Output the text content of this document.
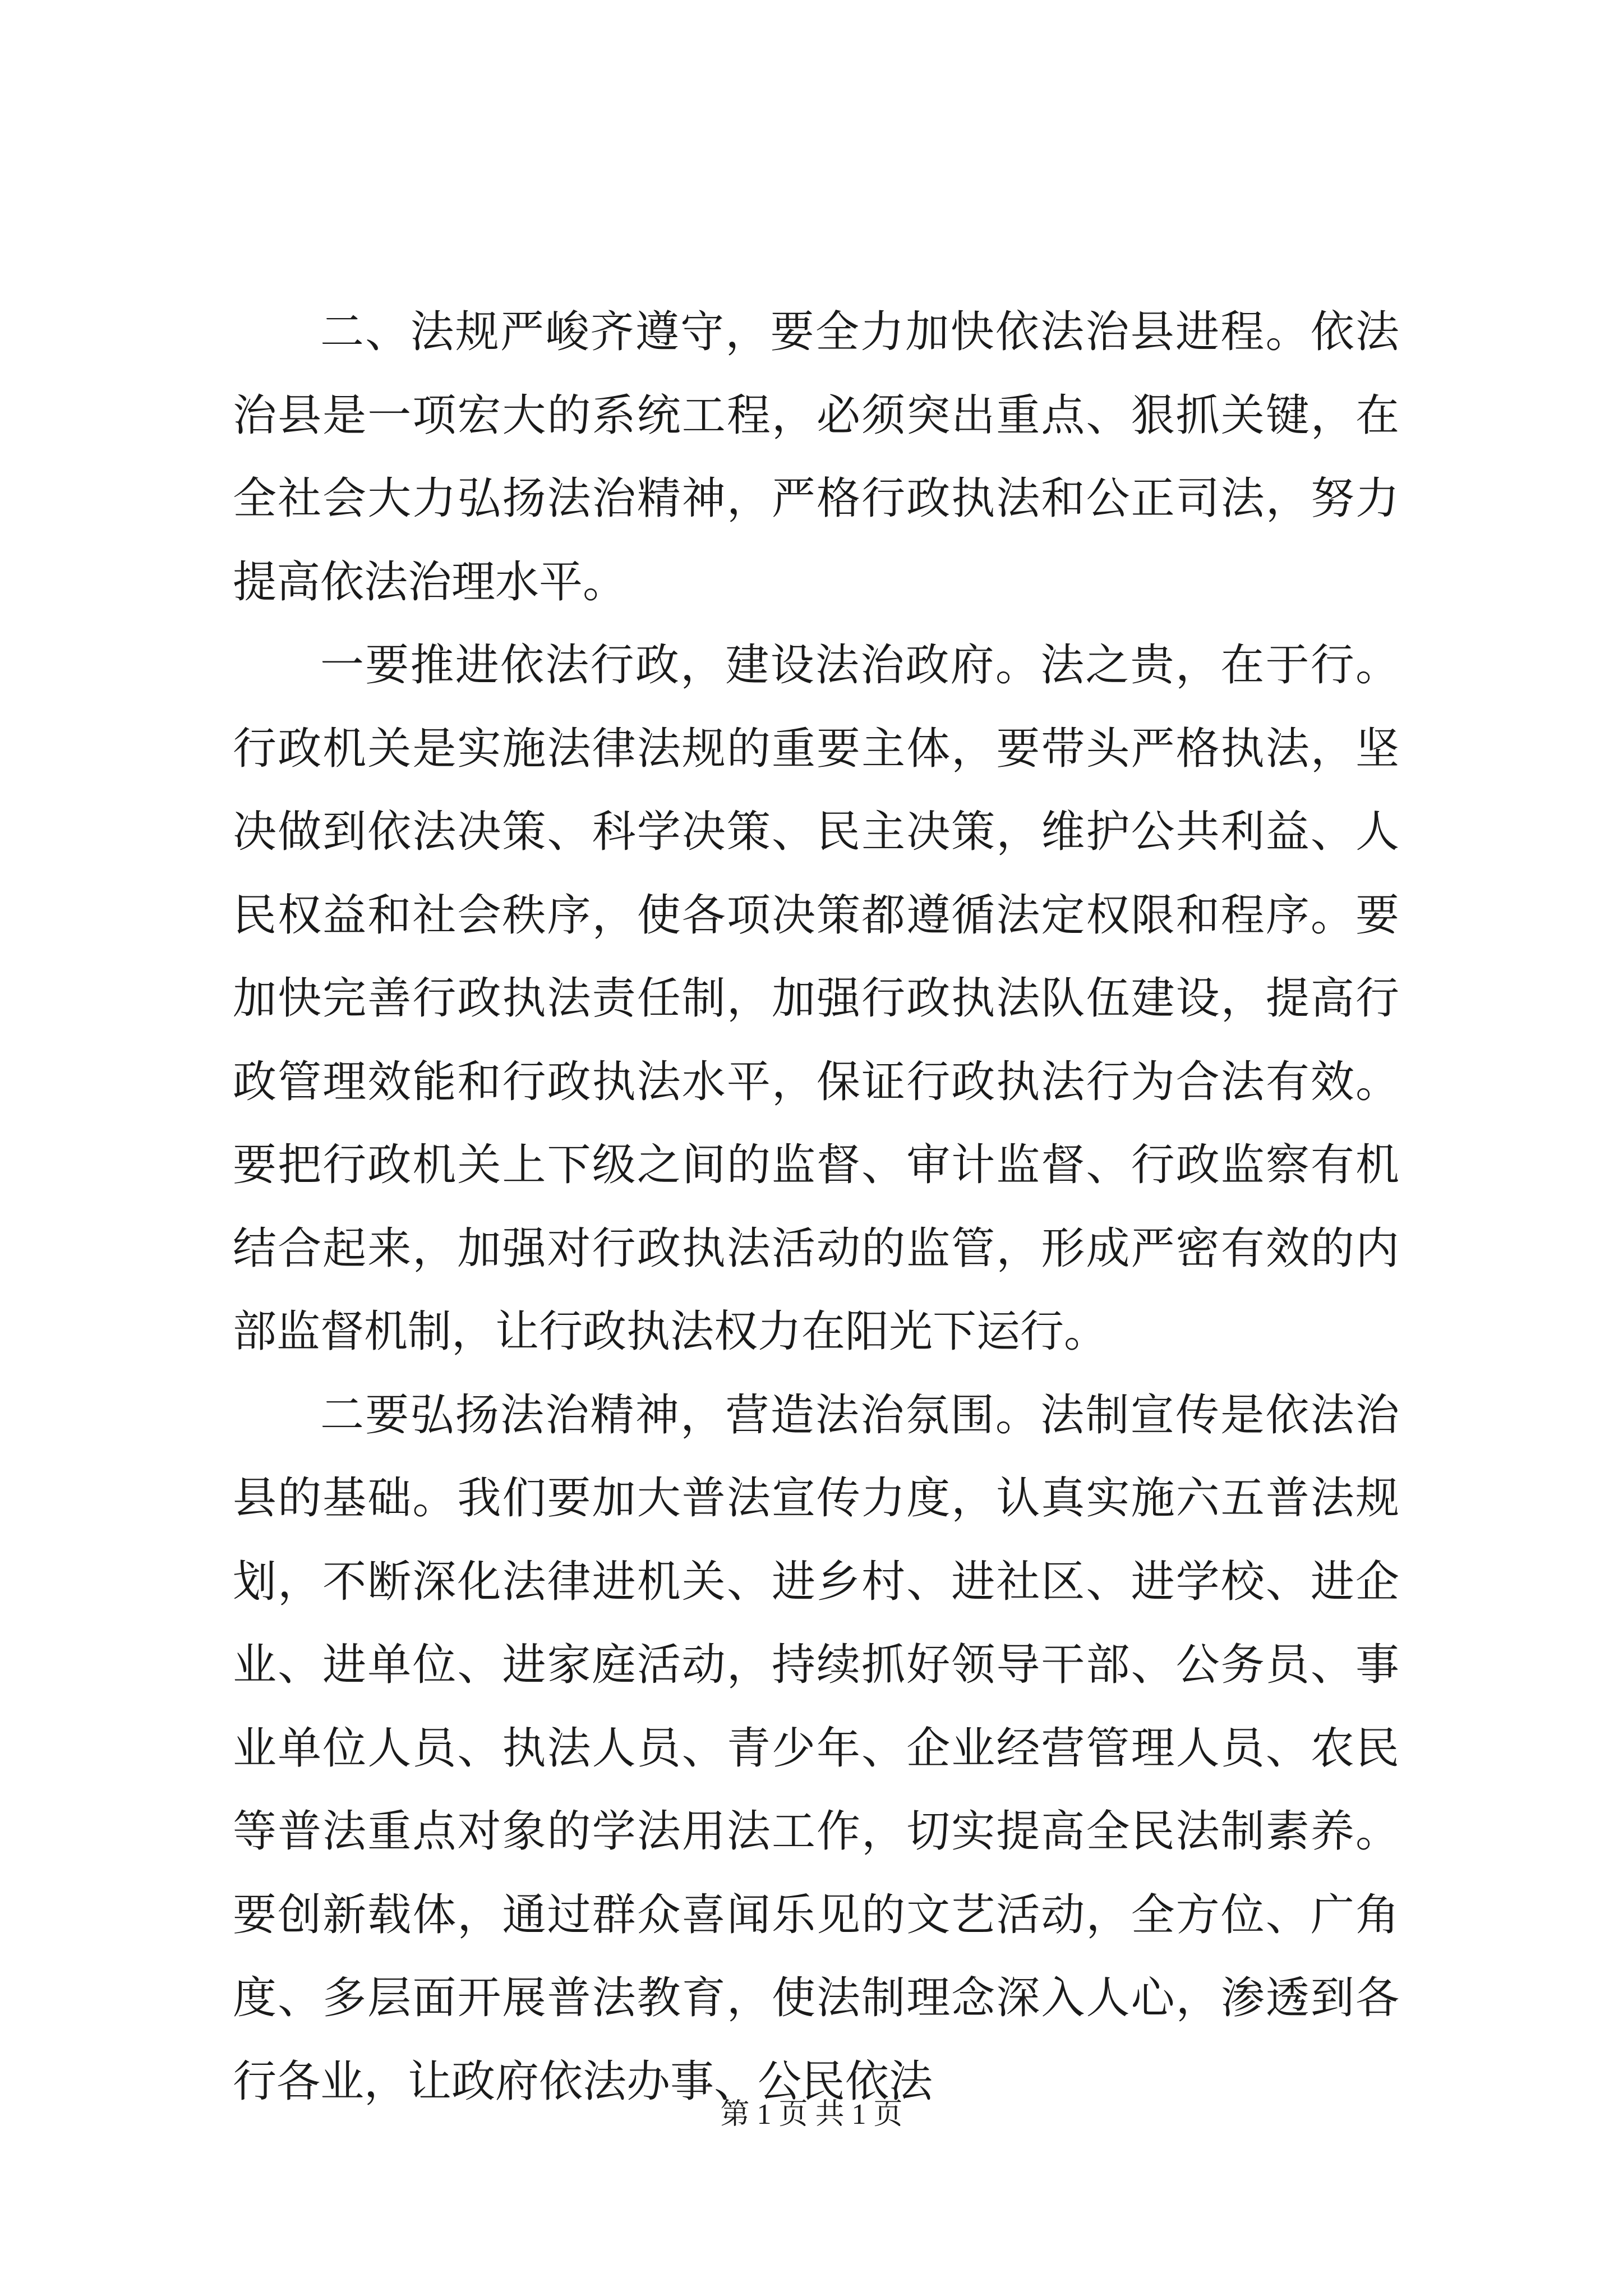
二、法规严峻齐遵守，要全力加快依法治县进程。依法治县是一项宏大的系统工程，必须突出重点、狠抓关键，在全社会大力弘扬法治精神，严格行政执法和公正司法，努力提高依法治理水平。

一要推进依法行政，建设法治政府。法之贵，在于行。行政机关是实施法律法规的重要主体，要带头严格执法，坚决做到依法决策、科学决策、民主决策，维护公共利益、人民权益和社会秩序，使各项决策都遵循法定权限和程序。要加快完善行政执法责任制，加强行政执法队伍建设，提高行政管理效能和行政执法水平，保证行政执法行为合法有效。要把行政机关上下级之间的监督、审计监督、行政监察有机结合起来，加强对行政执法活动的监管，形成严密有效的内部监督机制，让行政执法权力在阳光下运行。

二要弘扬法治精神，营造法治氛围。法制宣传是依法治县的基础。我们要加大普法宣传力度，认真实施六五普法规划，不断深化法律进机关、进乡村、进社区、进学校、进企业、进单位、进家庭活动，持续抓好领导干部、公务员、事业单位人员、执法人员、青少年、企业经营管理人员、农民等普法重点对象的学法用法工作，切实提高全民法制素养。要创新载体，通过群众喜闻乐见的文艺活动，全方位、广角度、多层面开展普法教育，使法制理念深入人心，渗透到各行各业，让政府依法办事、公民依法

第 1 页 共 1 页
